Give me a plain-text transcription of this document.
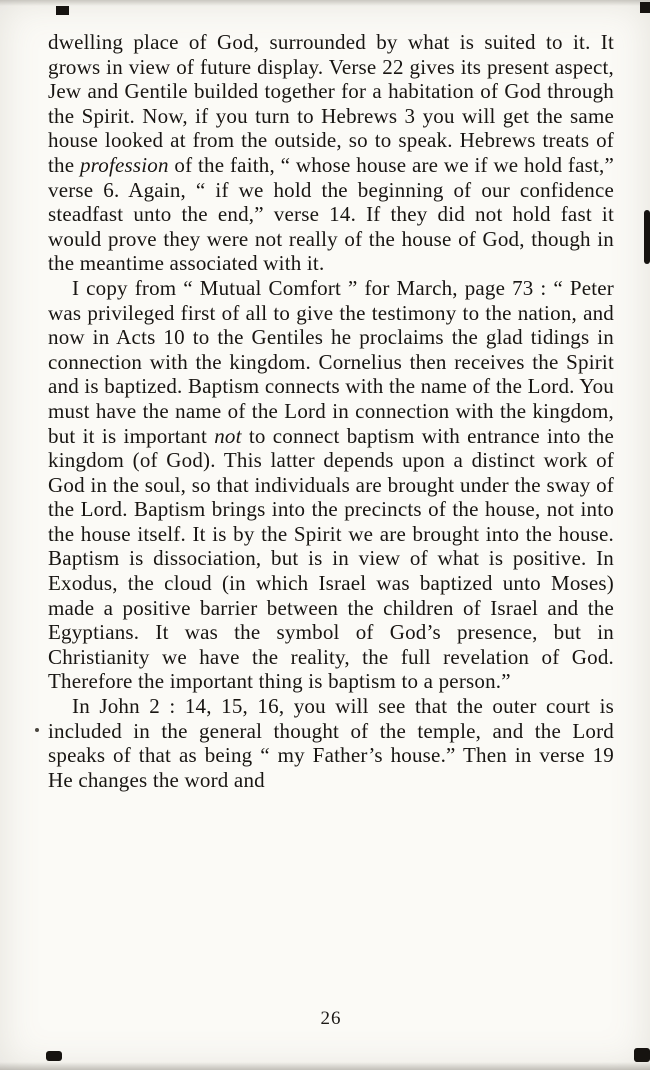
dwelling place of God, surrounded by what is suited to it. It grows in view of future display. Verse 22 gives its present aspect, Jew and Gentile builded together for a habitation of God through the Spirit. Now, if you turn to Hebrews 3 you will get the same house looked at from the outside, so to speak. Hebrews treats of the profession of the faith, “ whose house are we if we hold fast,” verse 6. Again, “ if we hold the beginning of our confidence steadfast unto the end,” verse 14. If they did not hold fast it would prove they were not really of the house of God, though in the meantime associated with it.

I copy from “ Mutual Comfort ” for March, page 73 : “ Peter was privileged first of all to give the testimony to the nation, and now in Acts 10 to the Gentiles he proclaims the glad tidings in connection with the kingdom. Cornelius then receives the Spirit and is baptized. Baptism connects with the name of the Lord. You must have the name of the Lord in connection with the kingdom, but it is important not to connect baptism with entrance into the kingdom (of God). This latter depends upon a distinct work of God in the soul, so that individuals are brought under the sway of the Lord. Baptism brings into the precincts of the house, not into the house itself. It is by the Spirit we are brought into the house. Baptism is dissociation, but is in view of what is positive. In Exodus, the cloud (in which Israel was baptized unto Moses) made a positive barrier between the children of Israel and the Egyptians. It was the symbol of God’s presence, but in Christianity we have the reality, the full revelation of God. Therefore the important thing is baptism to a person.”

In John 2 : 14, 15, 16, you will see that the outer court is included in the general thought of the temple, and the Lord speaks of that as being “ my Father’s house.” Then in verse 19 He changes the word and

26
